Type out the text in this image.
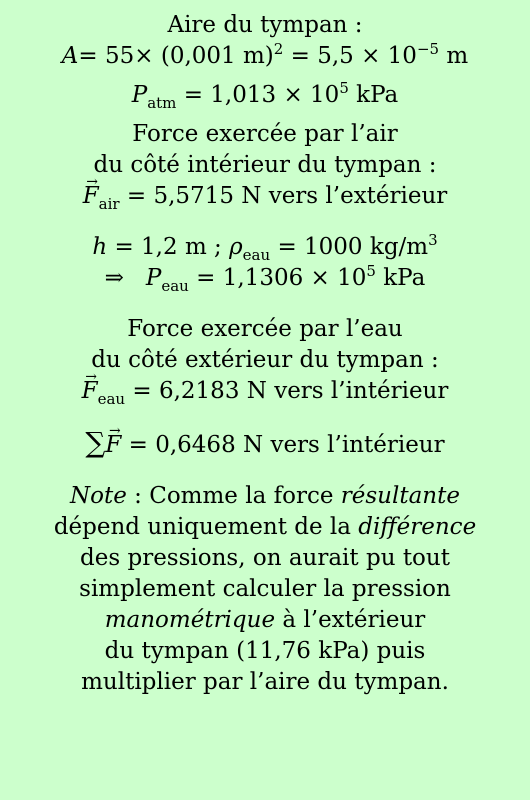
Aire du tympan :
A= 55× (0,001 $m)^2 = 5,5 \times 10^{-5}$ m
$P_{atm} = 1,013 \times 10^5$ kPa
Force exercée par l’air
du côté intérieur du tympan :
→ $F_{air} = 5,5715$ N vers l’extérieur
h = 1,2 m ; $\rho_{eau} = 1000$ $kg/m^3$
⇒ $P_{eau} = 1,1306 \times 10^5$ kPa
Force exercée par l’eau
du côté extérieur du tympan :
→ $F_{eau} = 6,2183$ N vers l’intérieur
∑→ F = 0,6468 N vers l’intérieur
Note : Comme la force résultante
dépend uniquement de la différence
des pressions, on aurait pu tout
simplement calculer la pression
manométrique à l’extérieur
du tympan (11,76 kPa) puis
multiplier par l’aire du tympan.
